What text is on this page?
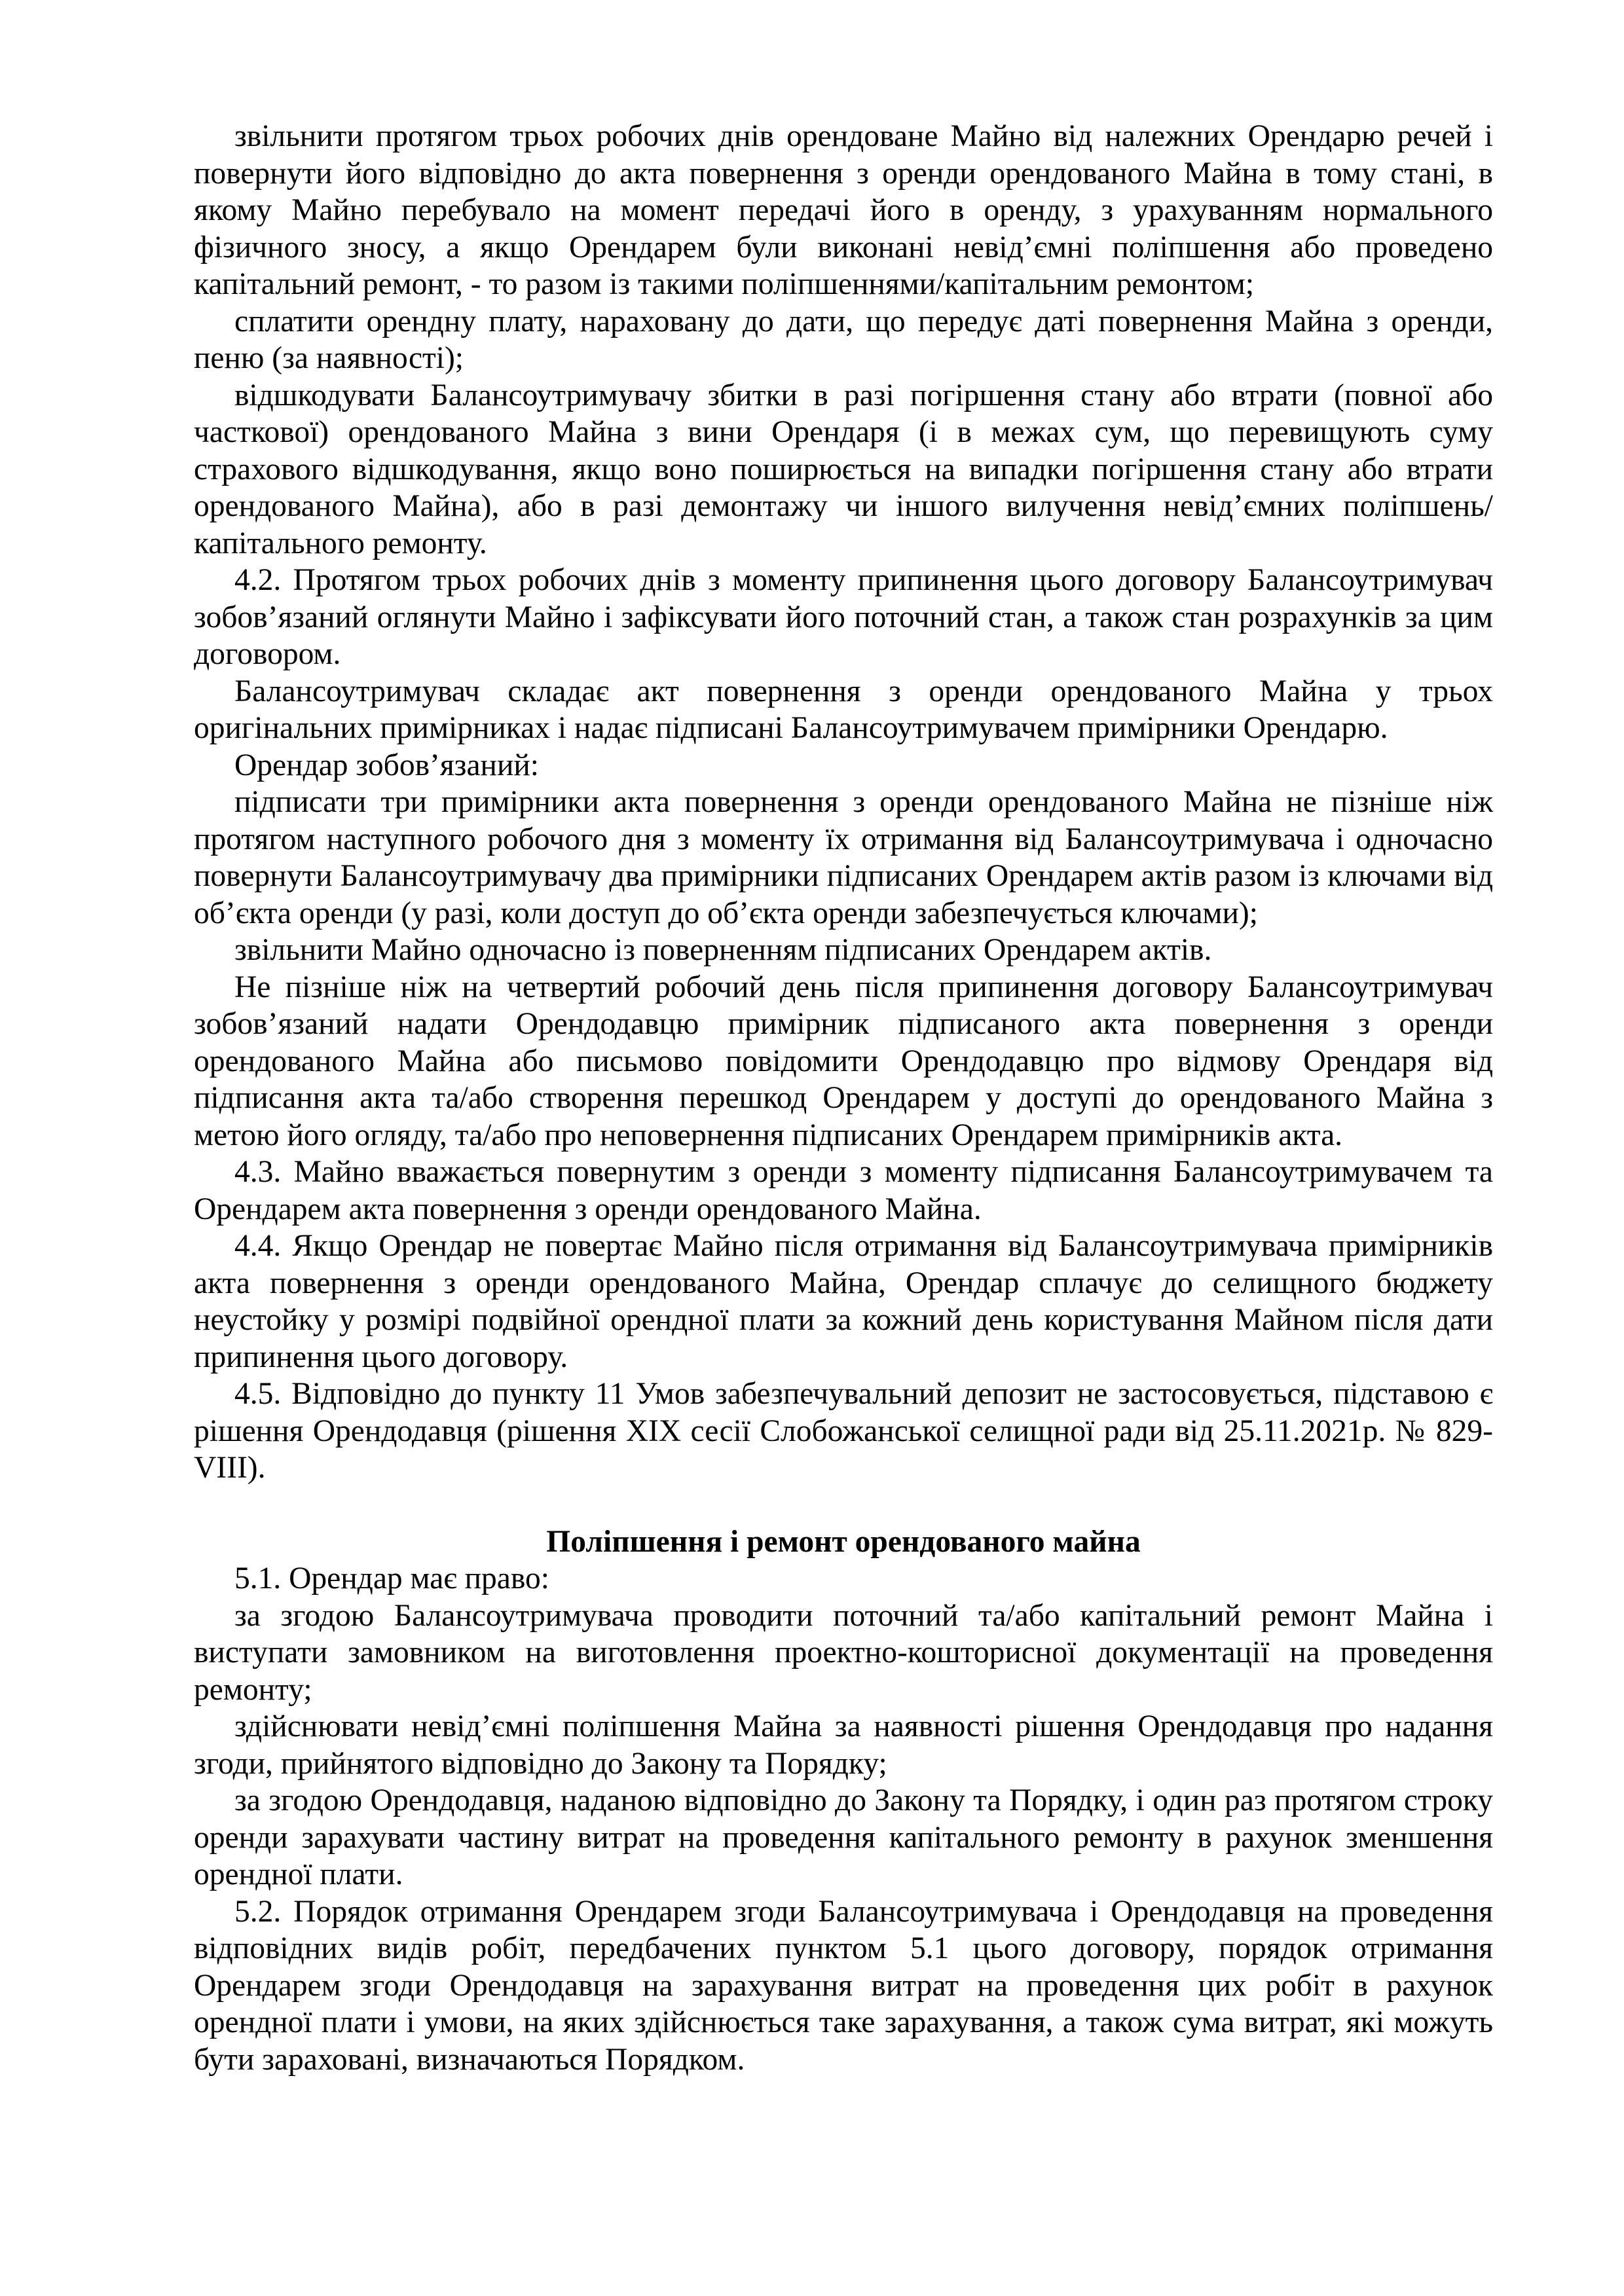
звільнити протягом трьох робочих днів орендоване Майно від належних Орендарю речей і повернути його відповідно до акта повернення з оренди орендованого Майна в тому стані, в якому Майно перебувало на момент передачі його в оренду, з урахуванням нормального фізичного зносу, а якщо Орендарем були виконані невід’ємні поліпшення або проведено капітальний ремонт, - то разом із такими поліпшеннями/капітальним ремонтом;

сплатити орендну плату, нараховану до дати, що передує даті повернення Майна з оренди, пеню (за наявності);

відшкодувати Балансоутримувачу збитки в разі погіршення стану або втрати (повної або часткової) орендованого Майна з вини Орендаря (і в межах сум, що перевищують суму страхового відшкодування, якщо воно поширюється на випадки погіршення стану або втрати орендованого Майна), або в разі демонтажу чи іншого вилучення невід’ємних поліпшень/капітального ремонту.

4.2. Протягом трьох робочих днів з моменту припинення цього договору Балансоутримувач зобов’язаний оглянути Майно і зафіксувати його поточний стан, а також стан розрахунків за цим договором.

Балансоутримувач складає акт повернення з оренди орендованого Майна у трьох оригінальних примірниках і надає підписані Балансоутримувачем примірники Орендарю.

Орендар зобов’язаний:

підписати три примірники акта повернення з оренди орендованого Майна не пізніше ніж протягом наступного робочого дня з моменту їх отримання від Балансоутримувача і одночасно повернути Балансоутримувачу два примірники підписаних Орендарем актів разом із ключами від об’єкта оренди (у разі, коли доступ до об’єкта оренди забезпечується ключами);

звільнити Майно одночасно із поверненням підписаних Орендарем актів.

Не пізніше ніж на четвертий робочий день після припинення договору Балансоутримувач зобов’язаний надати Орендодавцю примірник підписаного акта повернення з оренди орендованого Майна або письмово повідомити Орендодавцю про відмову Орендаря від підписання акта та/або створення перешкод Орендарем у доступі до орендованого Майна з метою його огляду, та/або про неповернення підписаних Орендарем примірників акта.

4.3. Майно вважається повернутим з оренди з моменту підписання Балансоутримувачем та Орендарем акта повернення з оренди орендованого Майна.

4.4. Якщо Орендар не повертає Майно після отримання від Балансоутримувача примірників акта повернення з оренди орендованого Майна, Орендар сплачує до селищного бюджету неустойку у розмірі подвійної орендної плати за кожний день користування Майном після дати припинення цього договору.

4.5. Відповідно до пункту 11 Умов забезпечувальний депозит не застосовується, підставою є рішення Орендодавця (рішення ХІХ сесії Слобожанської селищної ради від 25.11.2021р. № 829-VIII).

Поліпшення і ремонт орендованого майна

5.1. Орендар має право:

за згодою Балансоутримувача проводити поточний та/або капітальний ремонт Майна і виступати замовником на виготовлення проектно-кошторисної документації на проведення ремонту;

здійснювати невід’ємні поліпшення Майна за наявності рішення Орендодавця про надання згоди, прийнятого відповідно до Закону та Порядку;

за згодою Орендодавця, наданою відповідно до Закону та Порядку, і один раз протягом строку оренди зарахувати частину витрат на проведення капітального ремонту в рахунок зменшення орендної плати.

5.2. Порядок отримання Орендарем згоди Балансоутримувача і Орендодавця на проведення відповідних видів робіт, передбачених пунктом 5.1 цього договору, порядок отримання Орендарем згоди Орендодавця на зарахування витрат на проведення цих робіт в рахунок орендної плати і умови, на яких здійснюється таке зарахування, а також сума витрат, які можуть бути зараховані, визначаються Порядком.
